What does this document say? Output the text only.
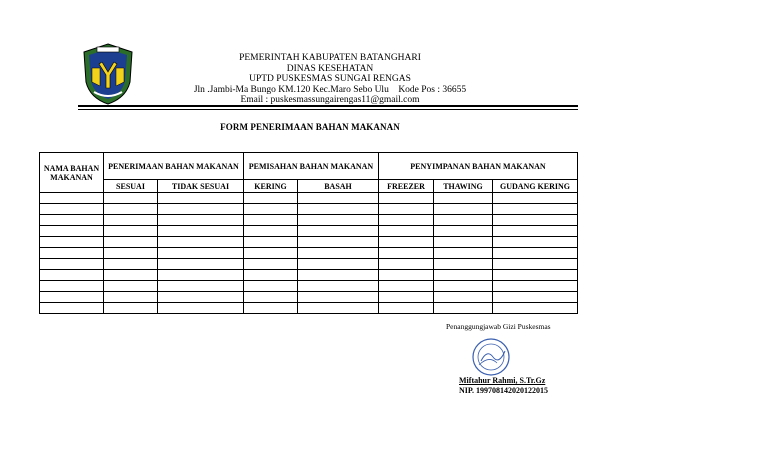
PEMERINTAH KABUPATEN BATANGHARI
DINAS KESEHATAN
UPTD PUSKESMAS SUNGAI RENGAS
Jln .Jambi-Ma Bungo KM.120 Kec.Maro Sebo Ulu    Kode Pos : 36655
Email : puskesmassungairengas11@gmail.com
FORM PENERIMAAN BAHAN MAKANAN
NAMA BAHAN MAKANAN	PENERIMAAN BAHAN MAKANAN		PEMISAHAN BAHAN MAKANAN		PENYIMPANAN BAHAN MAKANAN		
	SESUAI	TIDAK SESUAI	KERING	BASAH	FREEZER	THAWING	GUDANG KERING

Penanggungjawab Gizi Puskesmas
Miftahur Rahmi, S.Tr.Gz
NIP. 199708142020122015
